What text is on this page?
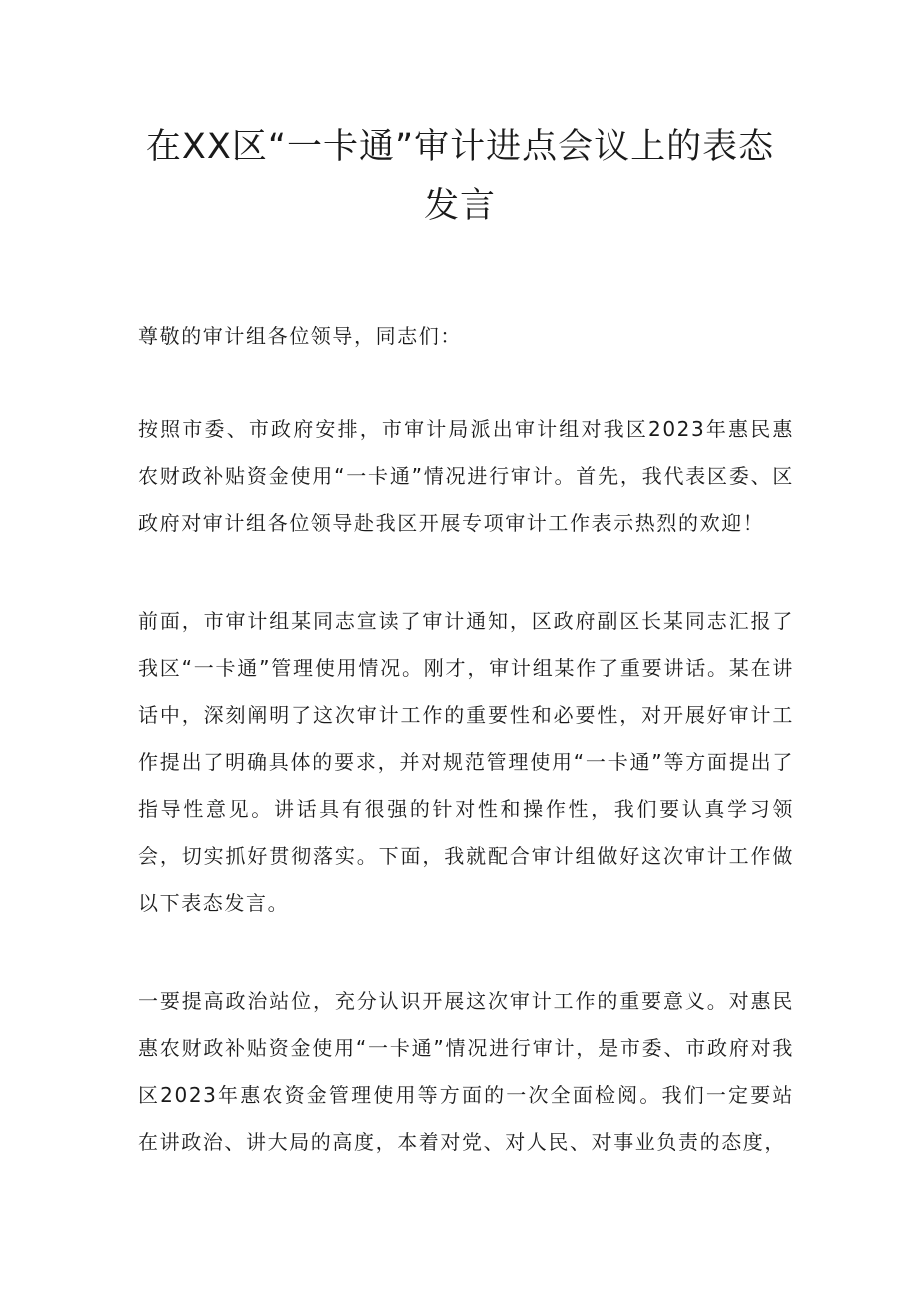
在XX区“一卡通”审计进点会议上的表态
发言

尊敬的审计组各位领导，同志们：

按照市委、市政府安排，市审计局派出审计组对我区2023年惠民惠农财政补贴资金使用“一卡通”情况进行审计。首先，我代表区委、区政府对审计组各位领导赴我区开展专项审计工作表示热烈的欢迎！

前面，市审计组某同志宣读了审计通知，区政府副区长某同志汇报了我区“一卡通”管理使用情况。刚才，审计组某作了重要讲话。某在讲话中，深刻阐明了这次审计工作的重要性和必要性，对开展好审计工作提出了明确具体的要求，并对规范管理使用“一卡通”等方面提出了指导性意见。讲话具有很强的针对性和操作性，我们要认真学习领会，切实抓好贯彻落实。下面，我就配合审计组做好这次审计工作做以下表态发言。

一要提高政治站位，充分认识开展这次审计工作的重要意义。对惠民惠农财政补贴资金使用“一卡通”情况进行审计，是市委、市政府对我区2023年惠农资金管理使用等方面的一次全面检阅。我们一定要站在讲政治、讲大局的高度，本着对党、对人民、对事业负责的态度，
